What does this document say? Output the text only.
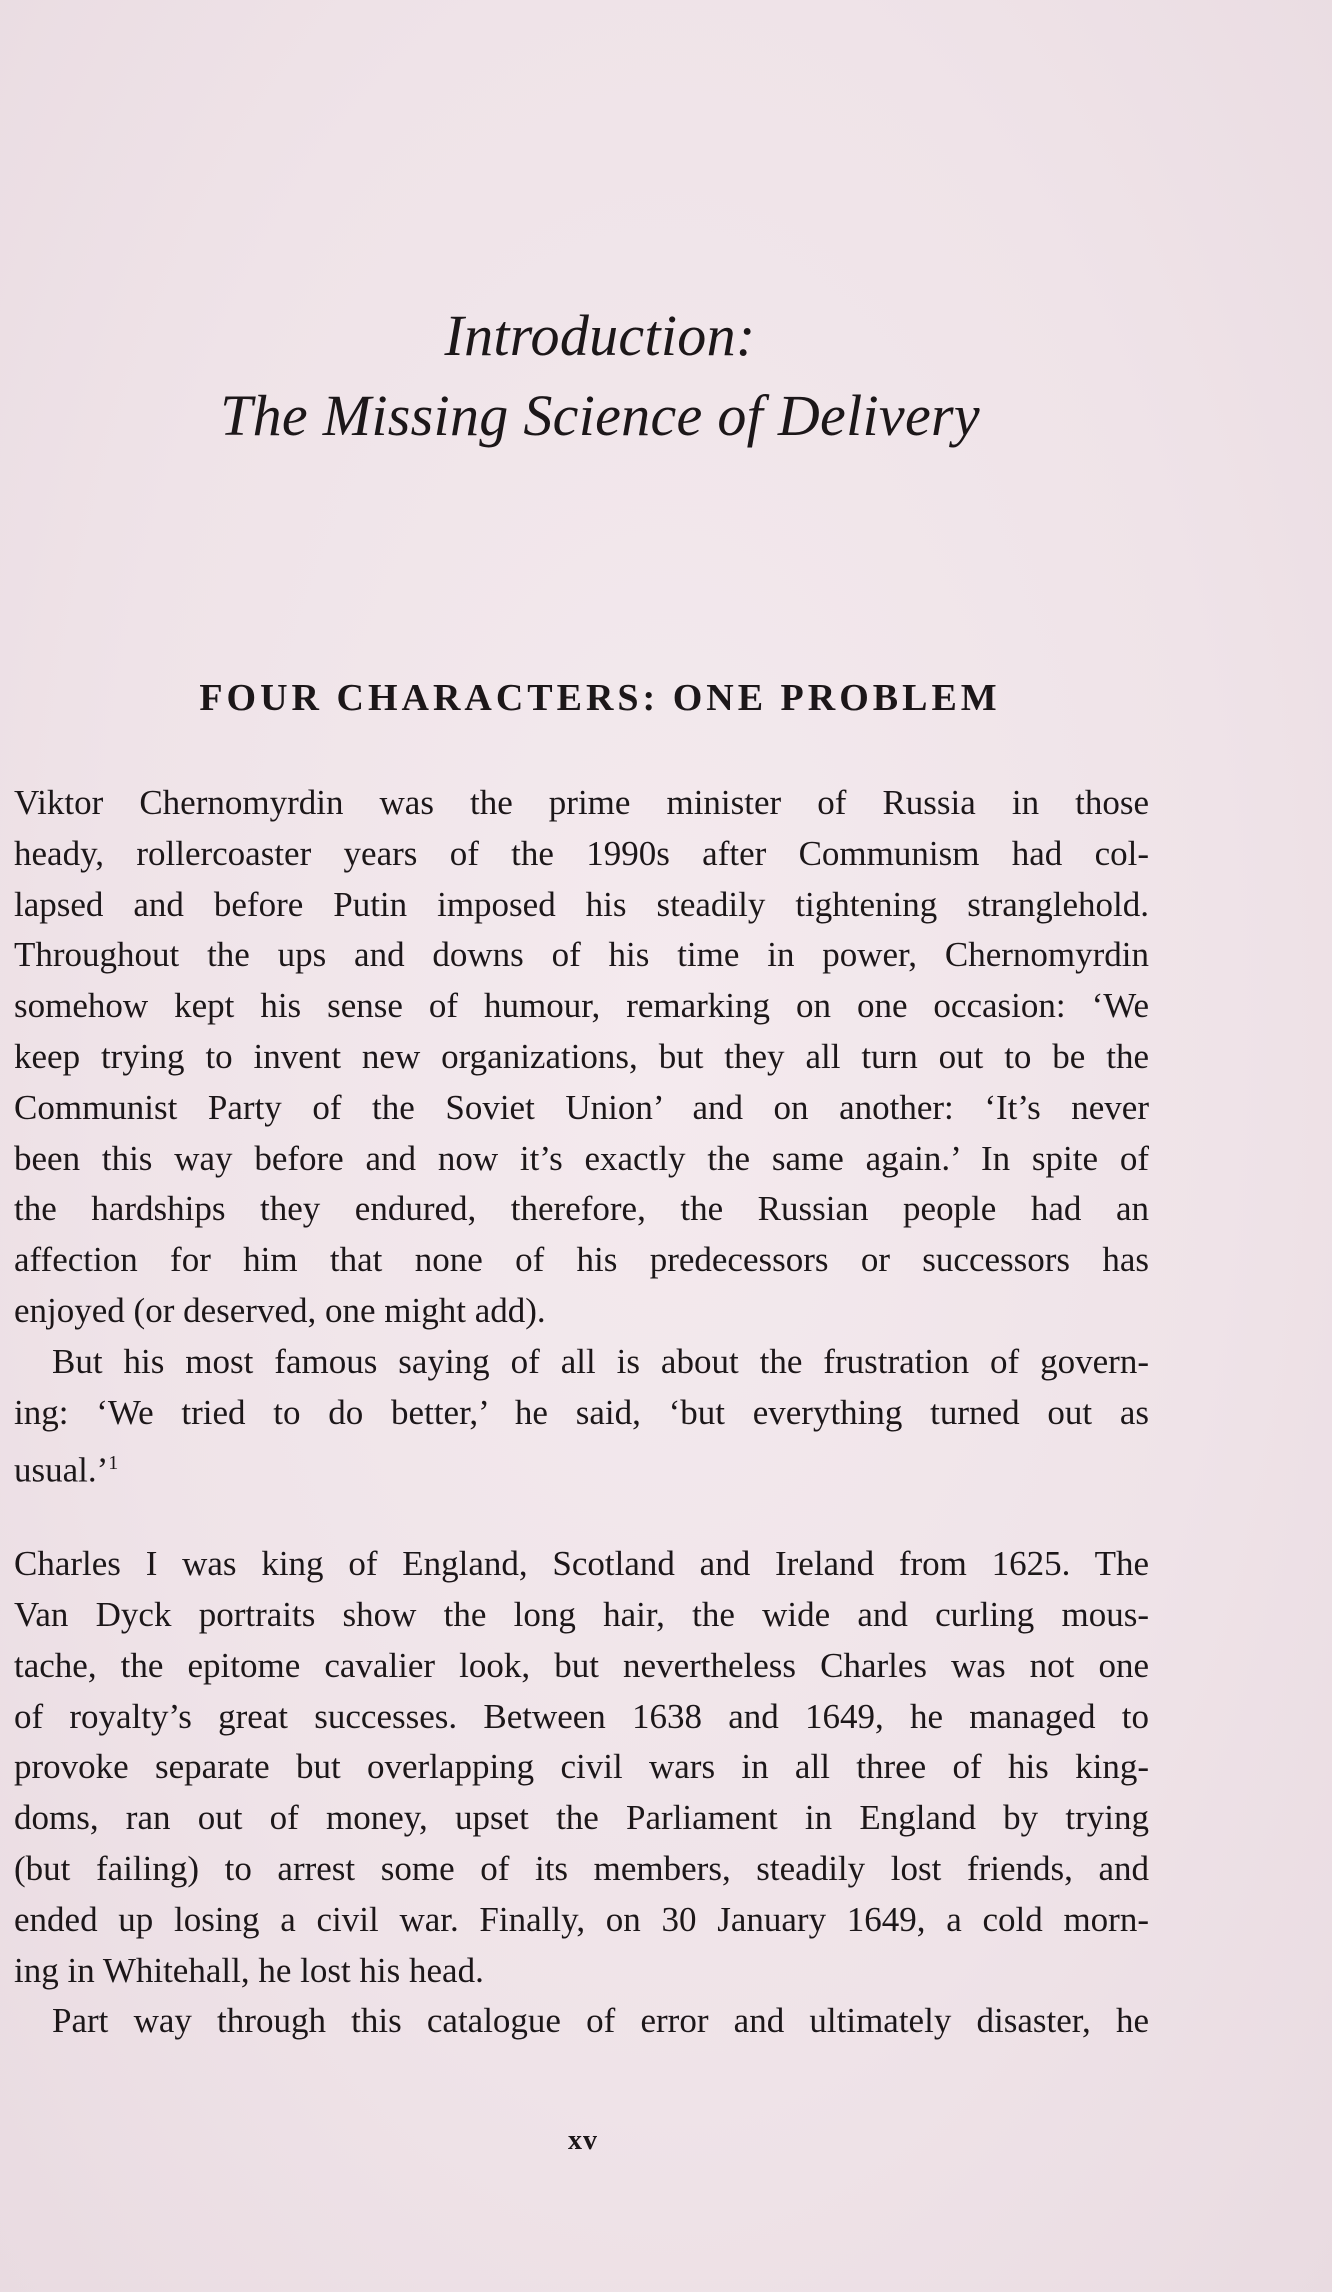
Introduction:
The Missing Science of Delivery
FOUR CHARACTERS: ONE PROBLEM
Viktor Chernomyrdin was the prime minister of Russia in those
heady, rollercoaster years of the 1990s after Communism had col-
lapsed and before Putin imposed his steadily tightening stranglehold.
Throughout the ups and downs of his time in power, Chernomyrdin
somehow kept his sense of humour, remarking on one occasion: ‘We
keep trying to invent new organizations, but they all turn out to be the
Communist Party of the Soviet Union’ and on another: ‘It’s never
been this way before and now it’s exactly the same again.’ In spite of
the hardships they endured, therefore, the Russian people had an
affection for him that none of his predecessors or successors has
enjoyed (or deserved, one might add).
But his most famous saying of all is about the frustration of govern-
ing: ‘We tried to do better,’ he said, ‘but everything turned out as
usual.’$^1$
Charles I was king of England, Scotland and Ireland from 1625. The
Van Dyck portraits show the long hair, the wide and curling mous-
tache, the epitome cavalier look, but nevertheless Charles was not one
of royalty’s great successes. Between 1638 and 1649, he managed to
provoke separate but overlapping civil wars in all three of his king-
doms, ran out of money, upset the Parliament in England by trying
(but failing) to arrest some of its members, steadily lost friends, and
ended up losing a civil war. Finally, on 30 January 1649, a cold morn-
ing in Whitehall, he lost his head.
Part way through this catalogue of error and ultimately disaster, he
xv
